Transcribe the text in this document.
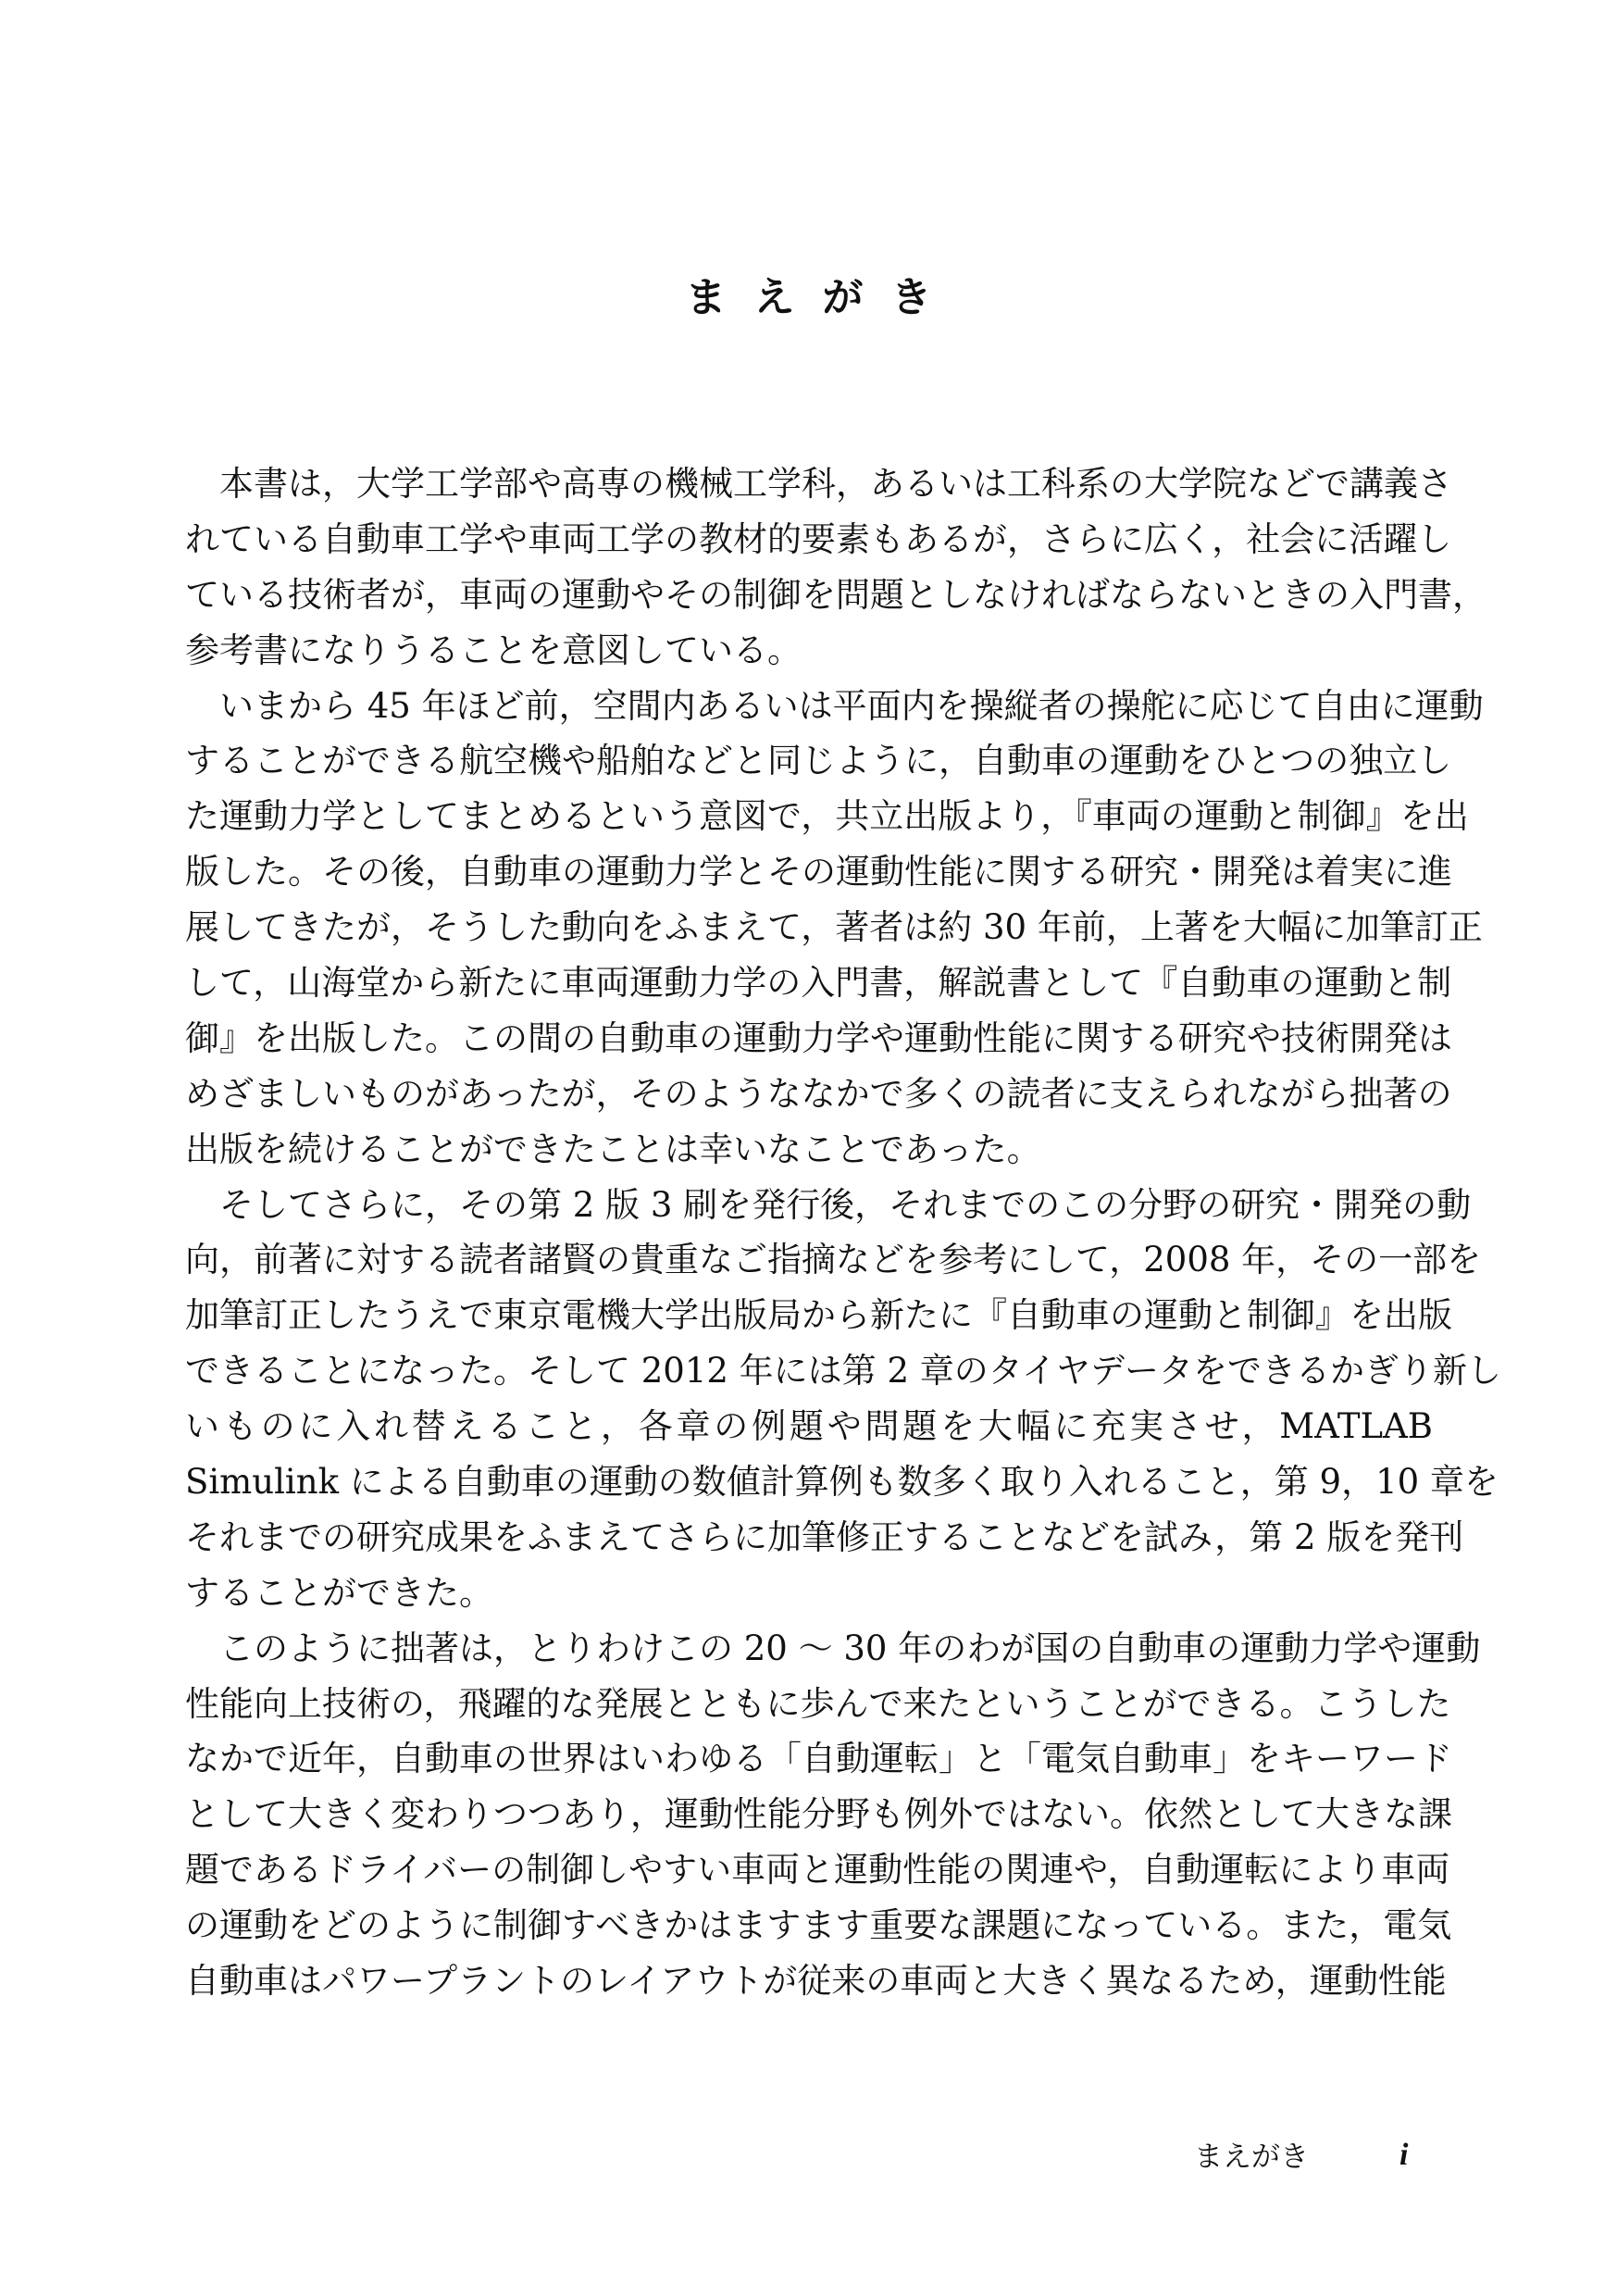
まえがき
　本書は，大学工学部や高専の機械工学科，あるいは工科系の大学院などで講義さ
れている自動車工学や車両工学の教材的要素もあるが，さらに広く，社会に活躍し
ている技術者が，車両の運動やその制御を問題としなければならないときの入門書，
参考書になりうることを意図している。
　いまから 45 年ほど前，空間内あるいは平面内を操縦者の操舵に応じて自由に運動
することができる航空機や船舶などと同じように，自動車の運動をひとつの独立し
た運動力学としてまとめるという意図で，共立出版より，『車両の運動と制御』を出
版した。その後，自動車の運動力学とその運動性能に関する研究・開発は着実に進
展してきたが，そうした動向をふまえて，著者は約 30 年前，上著を大幅に加筆訂正
して，山海堂から新たに車両運動力学の入門書，解説書として『自動車の運動と制
御』を出版した。この間の自動車の運動力学や運動性能に関する研究や技術開発は
めざましいものがあったが，そのようななかで多くの読者に支えられながら拙著の
出版を続けることができたことは幸いなことであった。
　そしてさらに，その第 2 版 3 刷を発行後，それまでのこの分野の研究・開発の動
向，前著に対する読者諸賢の貴重なご指摘などを参考にして，2008 年，その一部を
加筆訂正したうえで東京電機大学出版局から新たに『自動車の運動と制御』を出版
できることになった。そして 2012 年には第 2 章のタイヤデータをできるかぎり新し
いものに入れ替えること，各章の例題や問題を大幅に充実させ，MATLAB
Simulink による自動車の運動の数値計算例も数多く取り入れること，第 9，10 章を
それまでの研究成果をふまえてさらに加筆修正することなどを試み，第 2 版を発刊
することができた。
　このように拙著は，とりわけこの 20 ～ 30 年のわが国の自動車の運動力学や運動
性能向上技術の，飛躍的な発展とともに歩んで来たということができる。こうした
なかで近年，自動車の世界はいわゆる「自動運転」と「電気自動車」をキーワード
として大きく変わりつつあり，運動性能分野も例外ではない。依然として大きな課
題であるドライバーの制御しやすい車両と運動性能の関連や，自動運転により車両
の運動をどのように制御すべきかはますます重要な課題になっている。また，電気
自動車はパワープラントのレイアウトが従来の車両と大きく異なるため，運動性能
まえがき	i
